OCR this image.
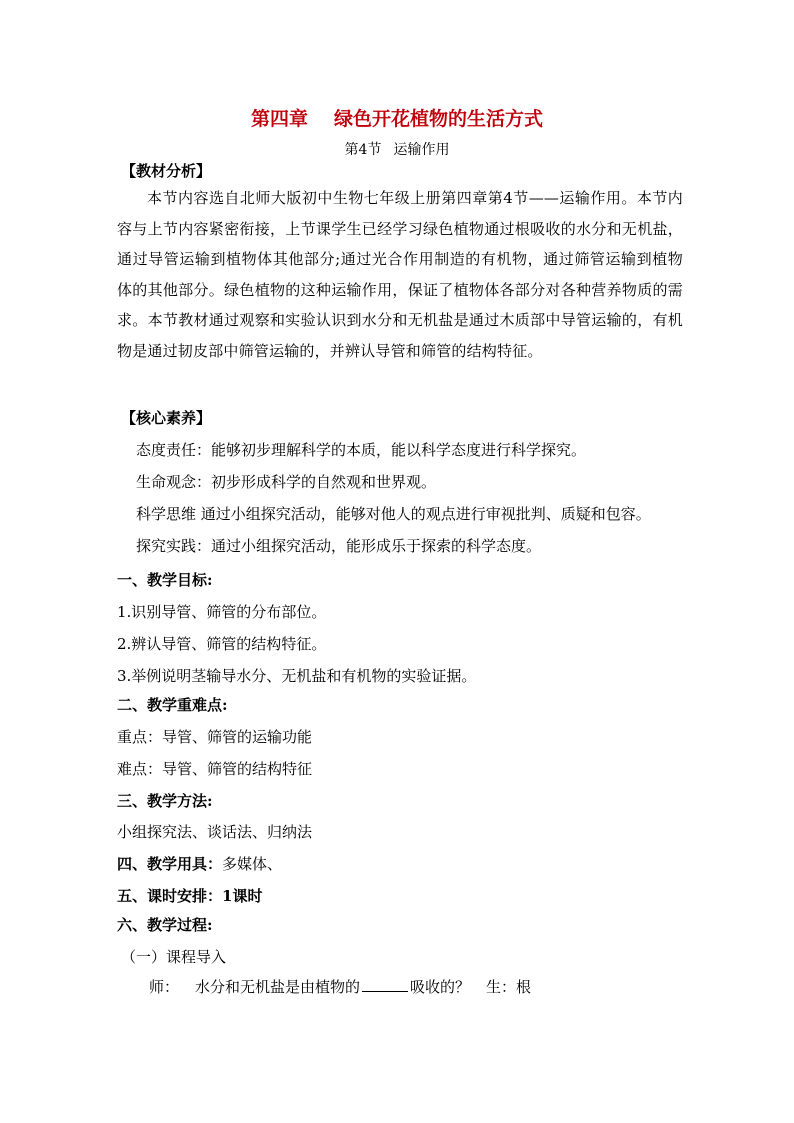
第四章 绿色开花植物的生活方式
第4节 运输作用
【教材分析】
本节内容选自北师大版初中生物七年级上册第四章第4节——运输作用。本节内容与上节内容紧密衔接，上节课学生已经学习绿色植物通过根吸收的水分和无机盐，通过导管运输到植物体其他部分;通过光合作用制造的有机物，通过筛管运输到植物体的其他部分。绿色植物的这种运输作用，保证了植物体各部分对各种营养物质的需求。本节教材通过观察和实验认识到水分和无机盐是通过木质部中导管运输的，有机物是通过韧皮部中筛管运输的，并辨认导管和筛管的结构特征。
【核心素养】
态度责任：能够初步理解科学的本质，能以科学态度进行科学探究。
生命观念：初步形成科学的自然观和世界观。
科学思维 通过小组探究活动，能够对他人的观点进行审视批判、质疑和包容。
探究实践：通过小组探究活动，能形成乐于探索的科学态度。
一、教学目标:
1.识别导管、筛管的分布部位。
2.辨认导管、筛管的结构特征。
3.举例说明茎输导水分、无机盐和有机物的实验证据。
二、教学重难点:
重点：导管、筛管的运输功能
难点：导管、筛管的结构特征
三、教学方法:
小组探究法、谈话法、归纳法
四、教学用具：多媒体、
五、课时安排：1课时
六、教学过程:
（一）课程导入
师： 水分和无机盐是由植物的	吸收的？ 生：根
